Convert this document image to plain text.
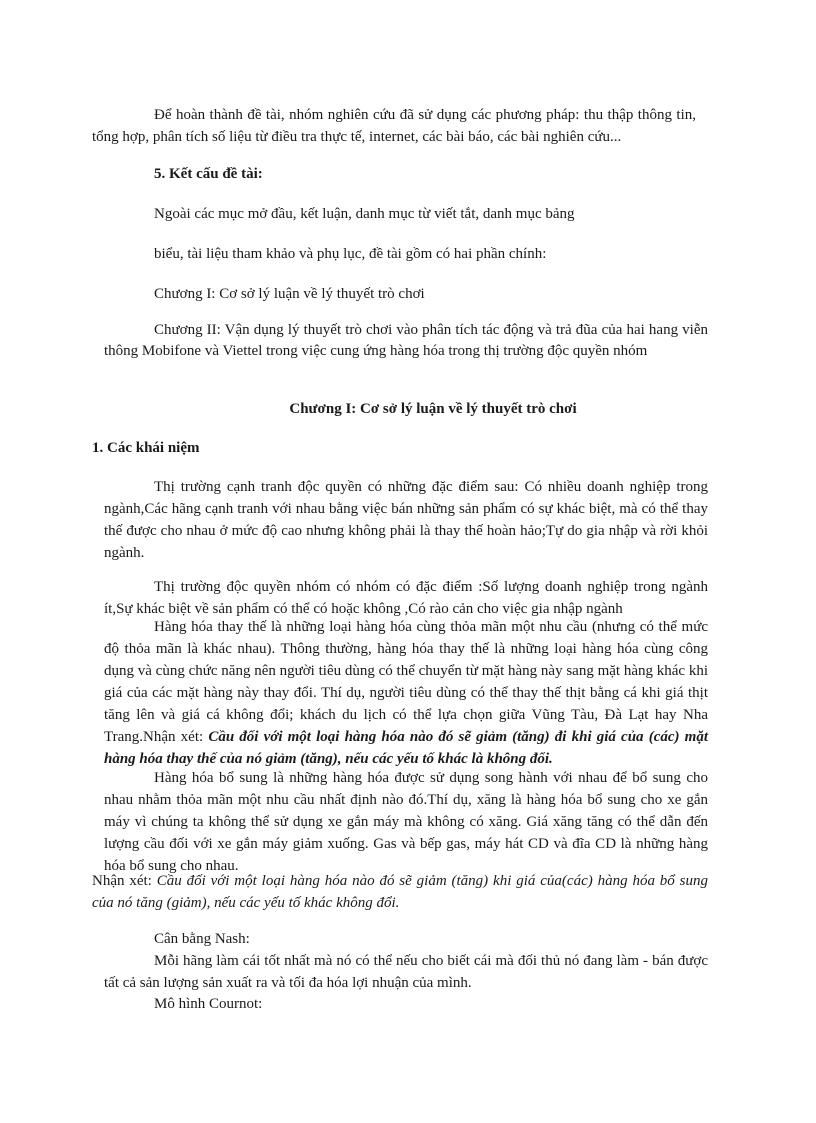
Để hoàn thành đề tài, nhóm nghiên cứu đã sử dụng các phương pháp: thu thập thông tin, tổng hợp, phân tích số liệu từ điều tra thực tế, internet, các bài báo, các bài nghiên cứu...
5. Kết cấu đề tài:
Ngoài các mục mở đầu, kết luận, danh mục từ viết tắt, danh mục bảng
biểu, tài liệu tham khảo và phụ lục, đề tài gồm có hai phần chính:
Chương I: Cơ sở lý luận về lý thuyết trò chơi
Chương II: Vận dụng lý thuyết trò chơi vào phân tích tác động và trả đũa của hai hang viễn thông Mobifone và Viettel trong việc cung ứng hàng hóa trong thị trường độc quyền nhóm
Chương I: Cơ sở lý luận về lý thuyết trò chơi
1. Các khái niệm
Thị trường cạnh tranh độc quyền có những đặc điểm sau: Có nhiều doanh nghiệp trong ngành,Các hãng cạnh tranh với nhau bằng việc bán những sản phẩm có sự khác biệt, mà có thể thay thế được cho nhau ở mức độ cao nhưng không phải là thay thế hoàn hảo;Tự do gia nhập và rời khỏi ngành.
Thị trường độc quyền nhóm có nhóm có đặc điểm :Số lượng doanh nghiệp trong ngành ít,Sự khác biệt về sản phẩm có thể có hoặc không ,Có rào cản cho việc gia nhập ngành
Hàng hóa thay thế là những loại hàng hóa cùng thỏa mãn một nhu cầu (nhưng có thể mức độ thỏa mãn là khác nhau). Thông thường, hàng hóa thay thế là những loại hàng hóa cùng công dụng và cùng chức năng nên người tiêu dùng có thể chuyển từ mặt hàng này sang mặt hàng khác khi giá của các mặt hàng này thay đổi. Thí dụ, người tiêu dùng có thể thay thế thịt bằng cá khi giá thịt tăng lên và giá cá không đổi; khách du lịch có thể lựa chọn giữa Vũng Tàu, Đà Lạt hay Nha Trang.Nhận xét: Cầu đối với một loại hàng hóa nào đó sẽ giảm (tăng) đi khi giá của (các) mặt hàng hóa thay thế của nó giảm (tăng), nếu các yếu tố khác là không đổi.
Hàng hóa bổ sung là những hàng hóa được sử dụng song hành với nhau để bổ sung cho nhau nhằm thỏa mãn một nhu cầu nhất định nào đó.Thí dụ, xăng là hàng hóa bổ sung cho xe gắn máy vì chúng ta không thể sử dụng xe gắn máy mà không có xăng. Giá xăng tăng có thể dẫn đến lượng cầu đối với xe gắn máy giảm xuống. Gas và bếp gas, máy hát CD và đĩa CD là những hàng hóa bổ sung cho nhau.
Nhận xét: Cầu đối với một loại hàng hóa nào đó sẽ giảm (tăng) khi giá của(các) hàng hóa bổ sung của nó tăng (giảm), nếu các yếu tố khác không đổi.
Cân bằng Nash:
Mỗi hãng làm cái tốt nhất mà nó có thể nếu cho biết cái mà đối thủ nó đang làm - bán được tất cả sản lượng sản xuất ra và tối đa hóa lợi nhuận của mình.
Mô hình Cournot:
